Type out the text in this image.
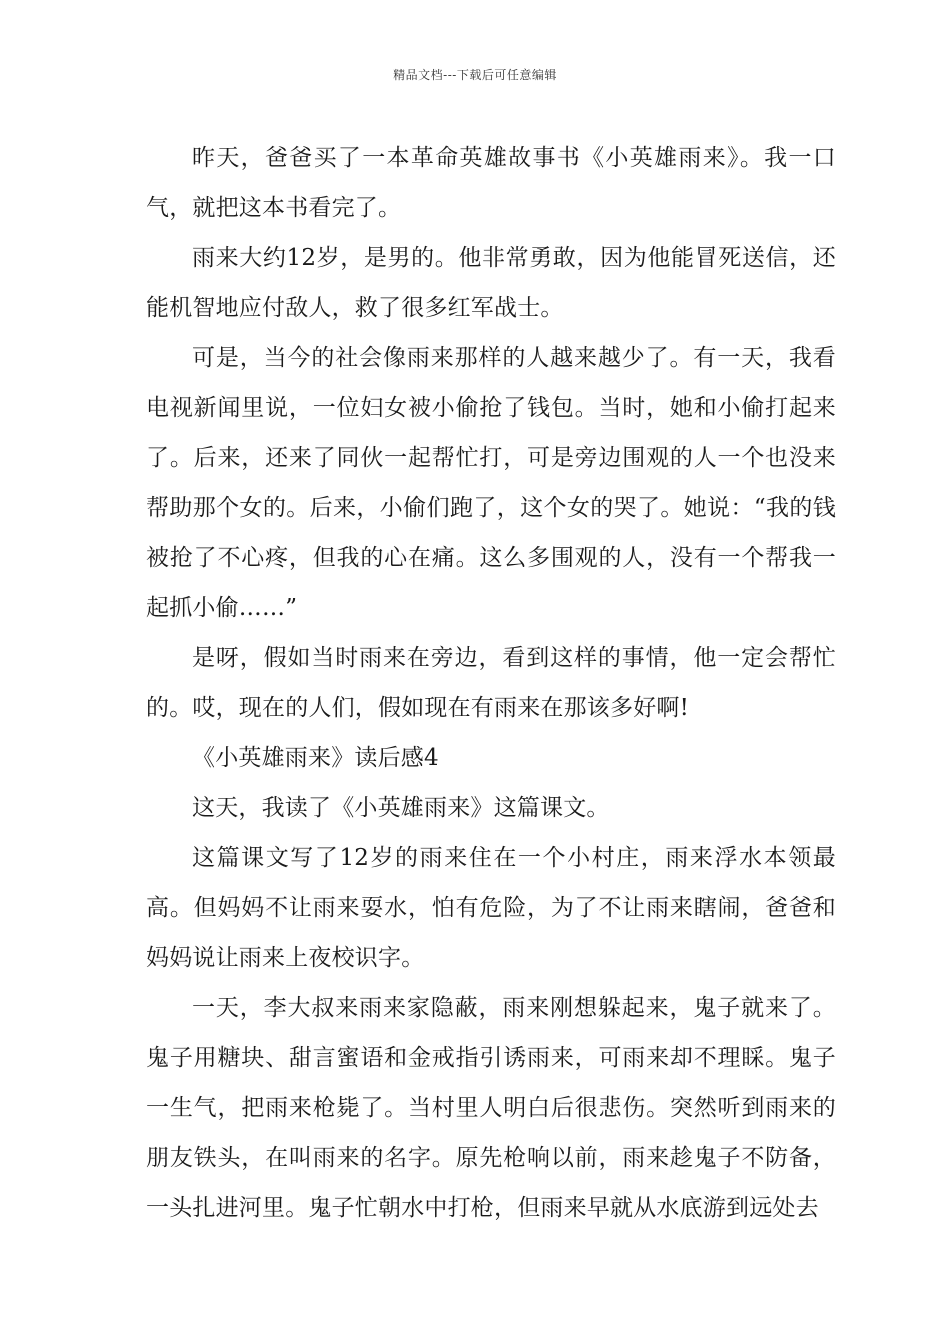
精品文档---下载后可任意编辑

昨天，爸爸买了一本革命英雄故事书《小英雄雨来》。我一口气，就把这本书看完了。

雨来大约12岁，是男的。他非常勇敢，因为他能冒死送信，还能机智地应付敌人，救了很多红军战士。

可是，当今的社会像雨来那样的人越来越少了。有一天，我看电视新闻里说，一位妇女被小偷抢了钱包。当时，她和小偷打起来了。后来，还来了同伙一起帮忙打，可是旁边围观的人一个也没来帮助那个女的。后来，小偷们跑了，这个女的哭了。她说：“我的钱被抢了不心疼，但我的心在痛。这么多围观的人，没有一个帮我一起抓小偷……”

是呀，假如当时雨来在旁边，看到这样的事情，他一定会帮忙的。哎，现在的人们，假如现在有雨来在那该多好啊!

《小英雄雨来》读后感4

这天，我读了《小英雄雨来》这篇课文。

这篇课文写了12岁的雨来住在一个小村庄，雨来浮水本领最高。但妈妈不让雨来耍水，怕有危险，为了不让雨来瞎闹，爸爸和妈妈说让雨来上夜校识字。

一天，李大叔来雨来家隐蔽，雨来刚想躲起来，鬼子就来了。鬼子用糖块、甜言蜜语和金戒指引诱雨来，可雨来却不理睬。鬼子一生气，把雨来枪毙了。当村里人明白后很悲伤。突然听到雨来的朋友铁头，在叫雨来的名字。原先枪响以前，雨来趁鬼子不防备，一头扎进河里。鬼子忙朝水中打枪，但雨来早就从水底游到远处去
